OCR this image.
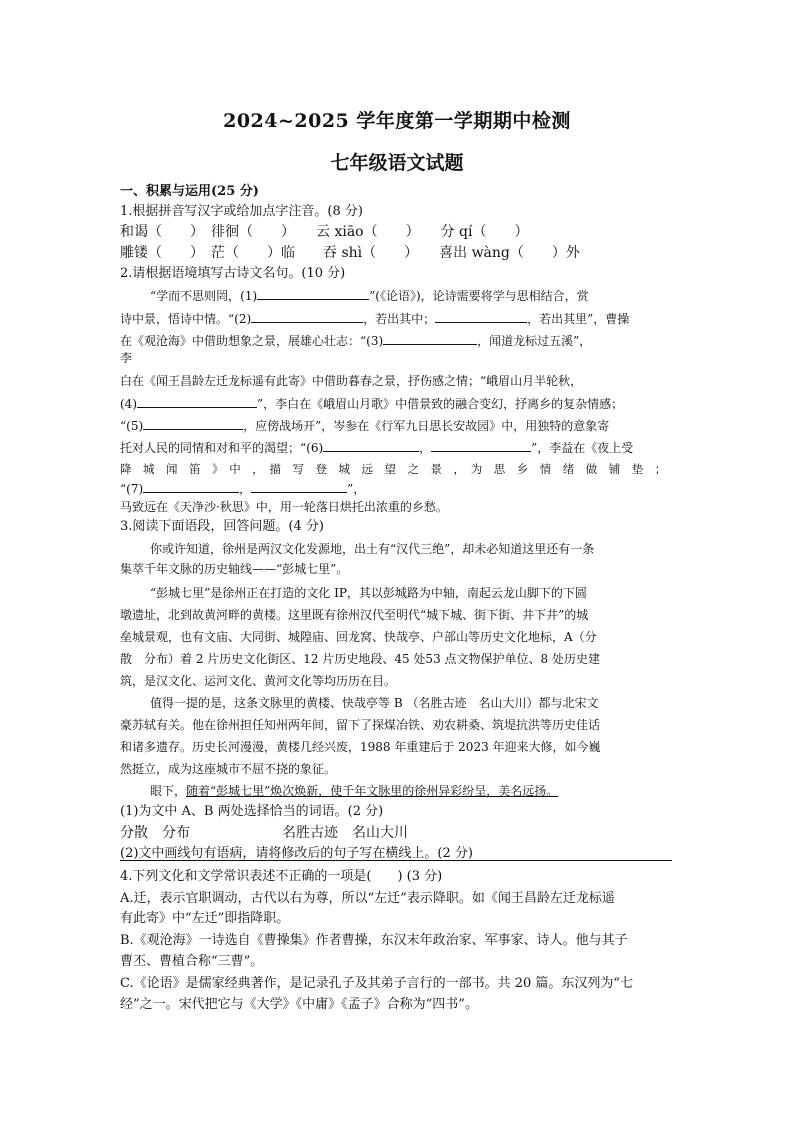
2024~2025 学年度第一学期期中检测
七年级语文试题
一、积累与运用(25 分)
1.根据拼音写汉字或给加点字注音。(8 分)
和谒（　　）　徘徊（　　）　　云 xiāo（　　）　　分 qí（　　）
雕镂（　　）　茫（　　）临　　吞 shì（　　）　　喜出 wàng（　　）外
2.请根据语境填写古诗文名句。(10 分)
“学而不思则罔，(1)	”(《论语》)，论诗需要将学与思相结合，赏
诗中景，悟诗中情。“(2)	，若出其中；	，若出其里”，曹操
在《观沧海》中借助想象之景，展雄心壮志：“(3)	，闻道龙标过五溪”，
李
白在《闻王昌龄左迁龙标遥有此寄》中借助暮春之景，抒伤感之情；“峨眉山月半轮秋，
(4)	”，李白在《峨眉山月歌》中借景致的融合变幻，抒离乡的复杂情感；
“(5)	，应傍战场开”，岑参在《行军九日思长安故园》中，用独特的意象寄
托对人民的同情和对和平的渴望；“(6)	，	”，李益在《夜上受
降　城　闻　笛　》　中　，　描　写　登　城　远　望　之　景　，　为　思　乡　情　绪　做　铺　垫　；
“(7)	，	”，
马致远在《天净沙·秋思》中，用一轮落日烘托出浓重的乡愁。
3.阅读下面语段，回答问题。(4 分)
你或许知道，徐州是两汉文化发源地，出土有“汉代三绝”，却未必知道这里还有一条
集萃千年文脉的历史轴线——“彭城七里”。
“彭城七里”是徐州正在打造的文化 IP，其以彭城路为中轴，南起云龙山脚下的下圆
墩遗址，北到故黄河畔的黄楼。这里既有徐州汉代至明代“城下城、街下街、井下井”的城
垒城景观，也有文庙、大同街、城隍庙、回龙窝、快哉亭、户部山等历史文化地标，A（分
散　分布）着 2 片历史文化街区、12 片历史地段、45 处53 点文物保护单位、8 处历史建
筑，是汉文化、运河文化、黄河文化等均历历在目。
值得一提的是，这条文脉里的黄楼、快哉亭等 B （名胜古迹　名山大川）都与北宋文
豪苏轼有关。他在徐州担任知州两年间，留下了探煤冶铁、劝农耕桑、筑堤抗洪等历史佳话
和诸多遗存。历史长河漫漫，黄楼几经兴废，1988 年重建后于 2023 年迎来大修，如今巍
然挺立，成为这座城市不屈不挠的象征。
眼下，随着“彭城七里”焕次焕新，使千年文脉里的徐州异彩纷呈，美名远扬。
(1)为文中 A、B 两处选择恰当的词语。(2 分)
分散　分布	名胜古迹　名山大川
(2)文中画线句有语病，请将修改后的句子写在横线上。(2 分)
4.下列文化和文学常识表述不正确的一项是(　　) (3 分)
A.迁，表示官职调动，古代以右为尊，所以“左迁”表示降职。如《闻王昌龄左迁龙标遥
有此寄》中“左迁”即指降职。
B.《观沧海》一诗选自《曹操集》作者曹操，东汉末年政治家、军事家、诗人。他与其子
曹丕、曹植合称“三曹”。
C.《论语》是儒家经典著作，是记录孔子及其弟子言行的一部书。共 20 篇。东汉列为“七
经”之一。宋代把它与《大学》《中庸》《孟子》合称为“四书”。
